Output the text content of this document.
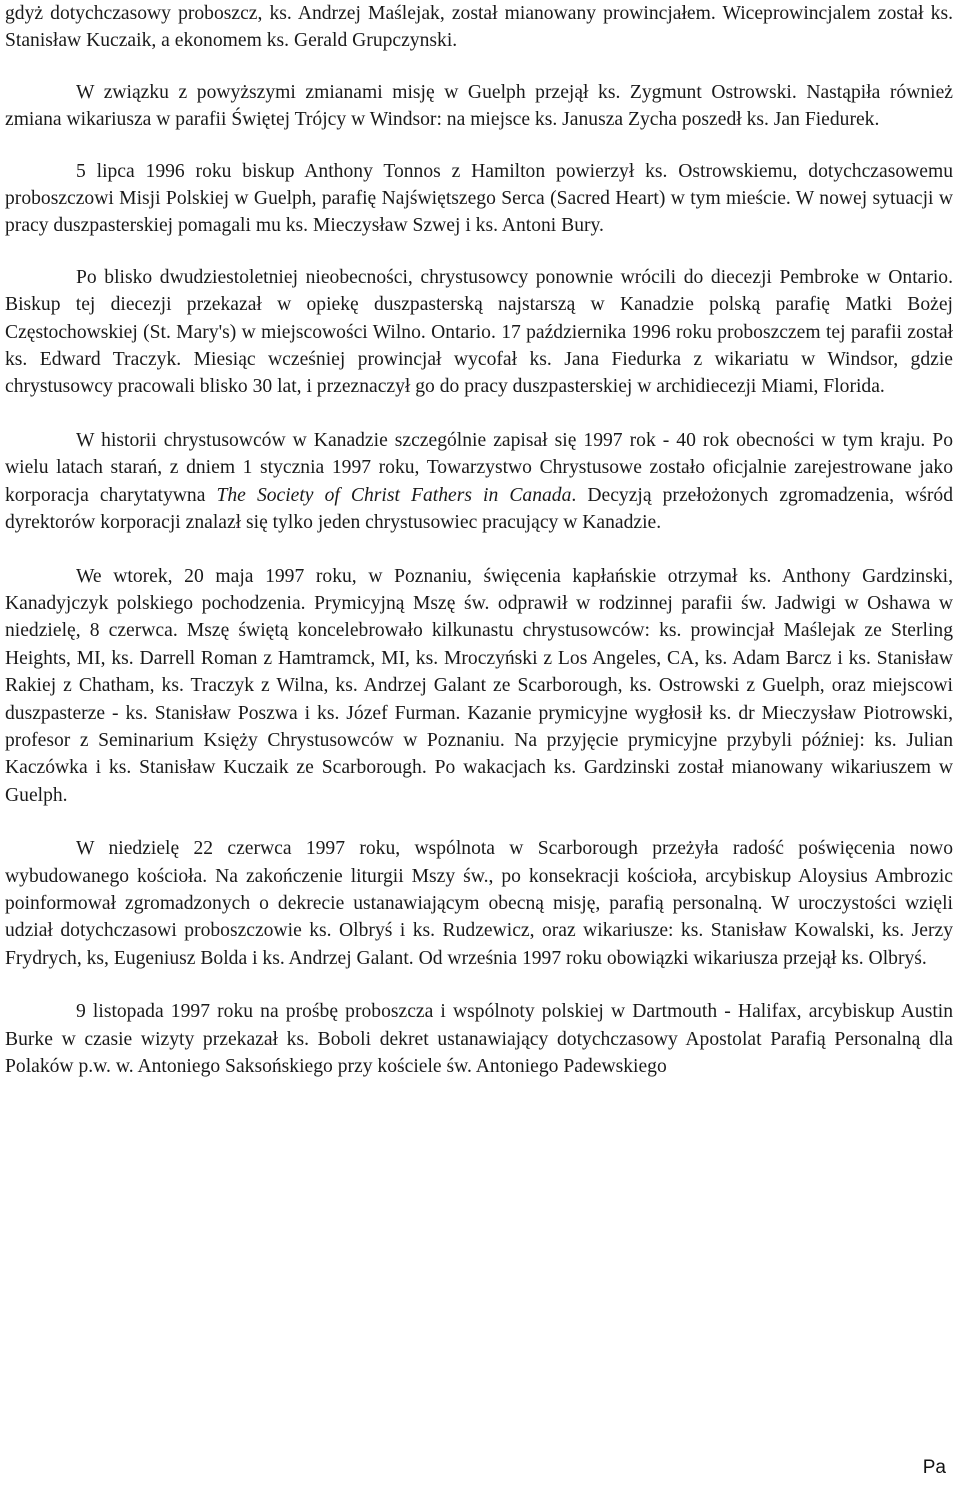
gdyż dotychczasowy proboszcz, ks. Andrzej Maślejak, został mianowany prowincjałem. Wiceprowincjalem został ks. Stanisław Kuczaik, a ekonomem ks. Gerald Grupczynski.

W związku z powyższymi zmianami misję w Guelph przejął ks. Zygmunt Ostrowski. Nastąpiła również zmiana wikariusza w parafii Świętej Trójcy w Windsor: na miejsce ks. Janusza Zycha poszedł ks. Jan Fiedurek.

5 lipca 1996 roku biskup Anthony Tonnos z Hamilton powierzył ks. Ostrowskiemu, dotychczasowemu proboszczowi Misji Polskiej w Guelph, parafię Najświętszego Serca (Sacred Heart) w tym mieście. W nowej sytuacji w pracy duszpasterskiej pomagali mu ks. Mieczysław Szwej i ks. Antoni Bury.

Po blisko dwudziestoletniej nieobecności, chrystusowcy ponownie wrócili do diecezji Pembroke w Ontario. Biskup tej diecezji przekazał w opiekę duszpasterską najstarszą w Kanadzie polską parafię Matki Bożej Częstochowskiej (St. Mary's) w miejscowości Wilno. Ontario. 17 października 1996 roku proboszczem tej parafii został ks. Edward Traczyk. Miesiąc wcześniej prowincjał wycofał ks. Jana Fiedurka z wikariatu w Windsor, gdzie chrystusowcy pracowali blisko 30 lat, i przeznaczył go do pracy duszpasterskiej w archidiecezji Miami, Florida.

W historii chrystusowców w Kanadzie szczególnie zapisał się 1997 rok - 40 rok obecności w tym kraju. Po wielu latach starań, z dniem 1 stycznia 1997 roku, Towarzystwo Chrystusowe zostało oficjalnie zarejestrowane jako korporacja charytatywna The Society of Christ Fathers in Canada. Decyzją przełożonych zgromadzenia, wśród dyrektorów korporacji znalazł się tylko jeden chrystusowiec pracujący w Kanadzie.

We wtorek, 20 maja 1997 roku, w Poznaniu, święcenia kapłańskie otrzymał ks. Anthony Gardzinski, Kanadyjczyk polskiego pochodzenia. Prymicyjną Mszę św. odprawił w rodzinnej parafii św. Jadwigi w Oshawa w niedzielę, 8 czerwca. Mszę świętą koncelebrowało kilkunastu chrystusowców: ks. prowincjał Maślejak ze Sterling Heights, MI, ks. Darrell Roman z Hamtramck, MI, ks. Mroczyński z Los Angeles, CA, ks. Adam Barcz i ks. Stanisław Rakiej z Chatham, ks. Traczyk z Wilna, ks. Andrzej Galant ze Scarborough, ks. Ostrowski z Guelph, oraz miejscowi duszpasterze - ks. Stanisław Poszwa i ks. Józef Furman. Kazanie prymicyjne wygłosił ks. dr Mieczysław Piotrowski, profesor z Seminarium Księży Chrystusowców w Poznaniu. Na przyjęcie prymicyjne przybyli później: ks. Julian Kaczówka i ks. Stanisław Kuczaik ze Scarborough. Po wakacjach ks. Gardzinski został mianowany wikariuszem w Guelph.

W niedzielę 22 czerwca 1997 roku, wspólnota w Scarborough przeżyła radość poświęcenia nowo wybudowanego kościoła. Na zakończenie liturgii Mszy św., po konsekracji kościoła, arcybiskup Aloysius Ambrozic poinformował zgromadzonych o dekrecie ustanawiającym obecną misję, parafią personalną. W uroczystości wzięli udział dotychczasowi proboszczowie ks. Olbryś i ks. Rudzewicz, oraz wikariusze: ks. Stanisław Kowalski, ks. Jerzy Frydrych, ks, Eugeniusz Bolda i ks. Andrzej Galant. Od września 1997 roku obowiązki wikariusza przejął ks. Olbryś.

9 listopada 1997 roku na prośbę proboszcza i wspólnoty polskiej w Dartmouth - Halifax, arcybiskup Austin Burke w czasie wizyty przekazał ks. Boboli dekret ustanawiający dotychczasowy Apostolat Parafią Personalną dla Polaków p.w. w. Antoniego Saksońskiego przy kościele św. Antoniego Padewskiego

Pa
